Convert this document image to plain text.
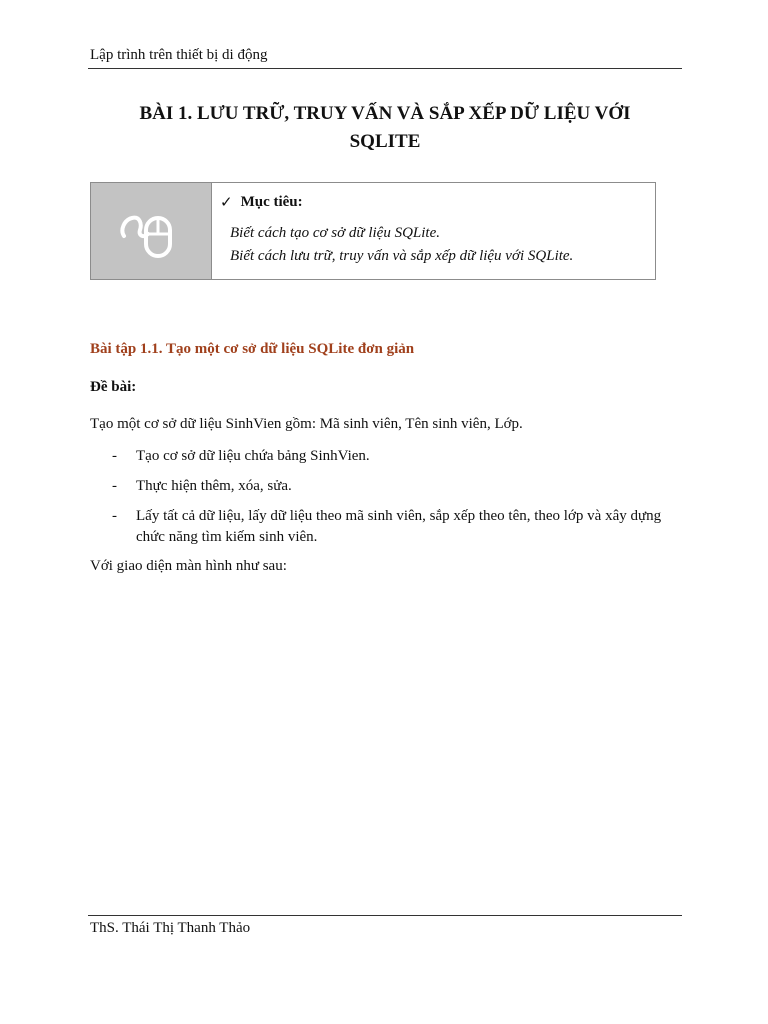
Lập trình trên thiết bị di động
BÀI 1. LƯU TRỮ, TRUY VẤN VÀ SẮP XẾP DỮ LIỆU VỚI
SQLITE
✓ Mục tiêu:
Biết cách tạo cơ sở dữ liệu SQLite.
Biết cách lưu trữ, truy vấn và sắp xếp dữ liệu với SQLite.
Bài tập 1.1. Tạo một cơ sở dữ liệu SQLite đơn giản
Đề bài:
Tạo một cơ sở dữ liệu SinhVien gồm: Mã sinh viên, Tên sinh viên, Lớp.
-	Tạo cơ sở dữ liệu chứa bảng SinhVien.
-	Thực hiện thêm, xóa, sửa.
-	Lấy tất cả dữ liệu, lấy dữ liệu theo mã sinh viên, sắp xếp theo tên, theo lớp và xây dựng chức năng tìm kiếm sinh viên.
Với giao diện màn hình như sau:
ThS. Thái Thị Thanh Thảo
